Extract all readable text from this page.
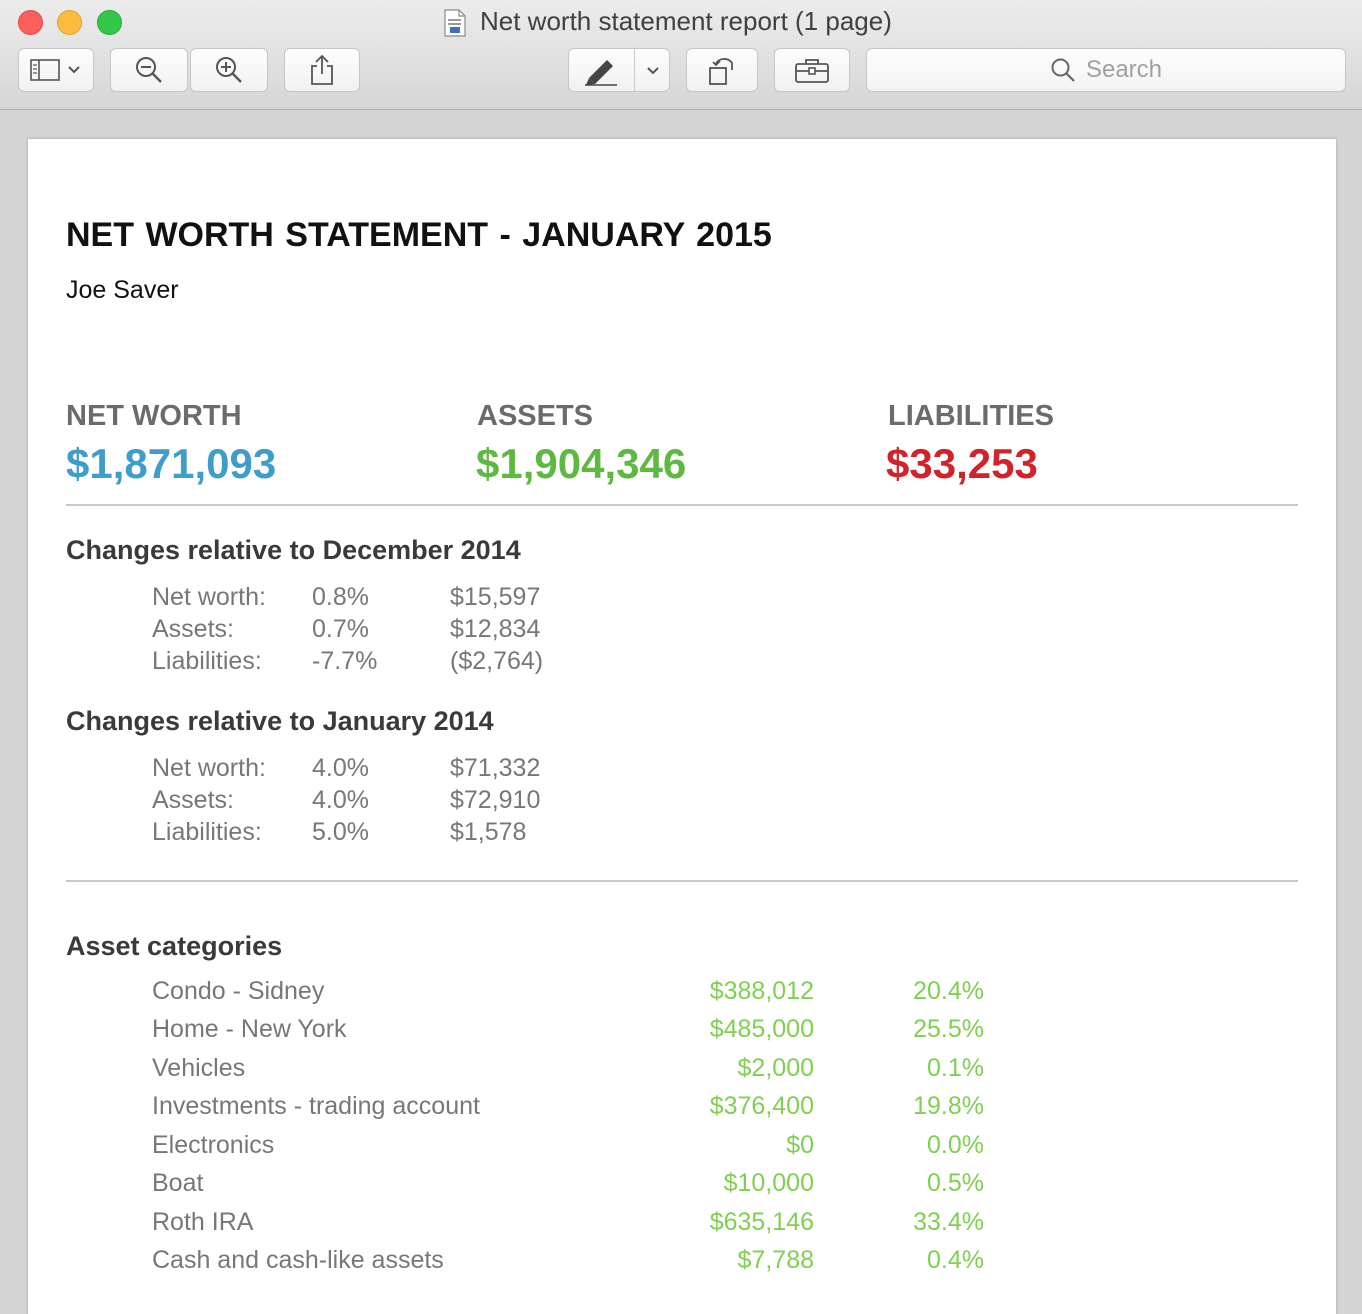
Net worth statement report (1 page)
Search
NET WORTH STATEMENT - JANUARY 2015
Joe Saver
NET WORTH
$1,871,093
ASSETS
$1,904,346
LIABILITIES
$33,253
Changes relative to December 2014
Net worth: 0.8%	$15,597
Assets:	0.7%	$12,834
Liabilities: -7.7%	($2,764)
Changes relative to January 2014
Net worth: 4.0%	$71,332
Assets:	4.0%	$72,910
Liabilities: 5.0%	$1,578
Asset categories
Condo - Sidney	$388,012	20.4%
Home - New York	$485,000	25.5%
Vehicles	$2,000	0.1%
Investments - trading account	$376,400	19.8%
Electronics	$0	0.0%
Boat	$10,000	0.5%
Roth IRA	$635,146	33.4%
Cash and cash-like assets	$7,788	0.4%
